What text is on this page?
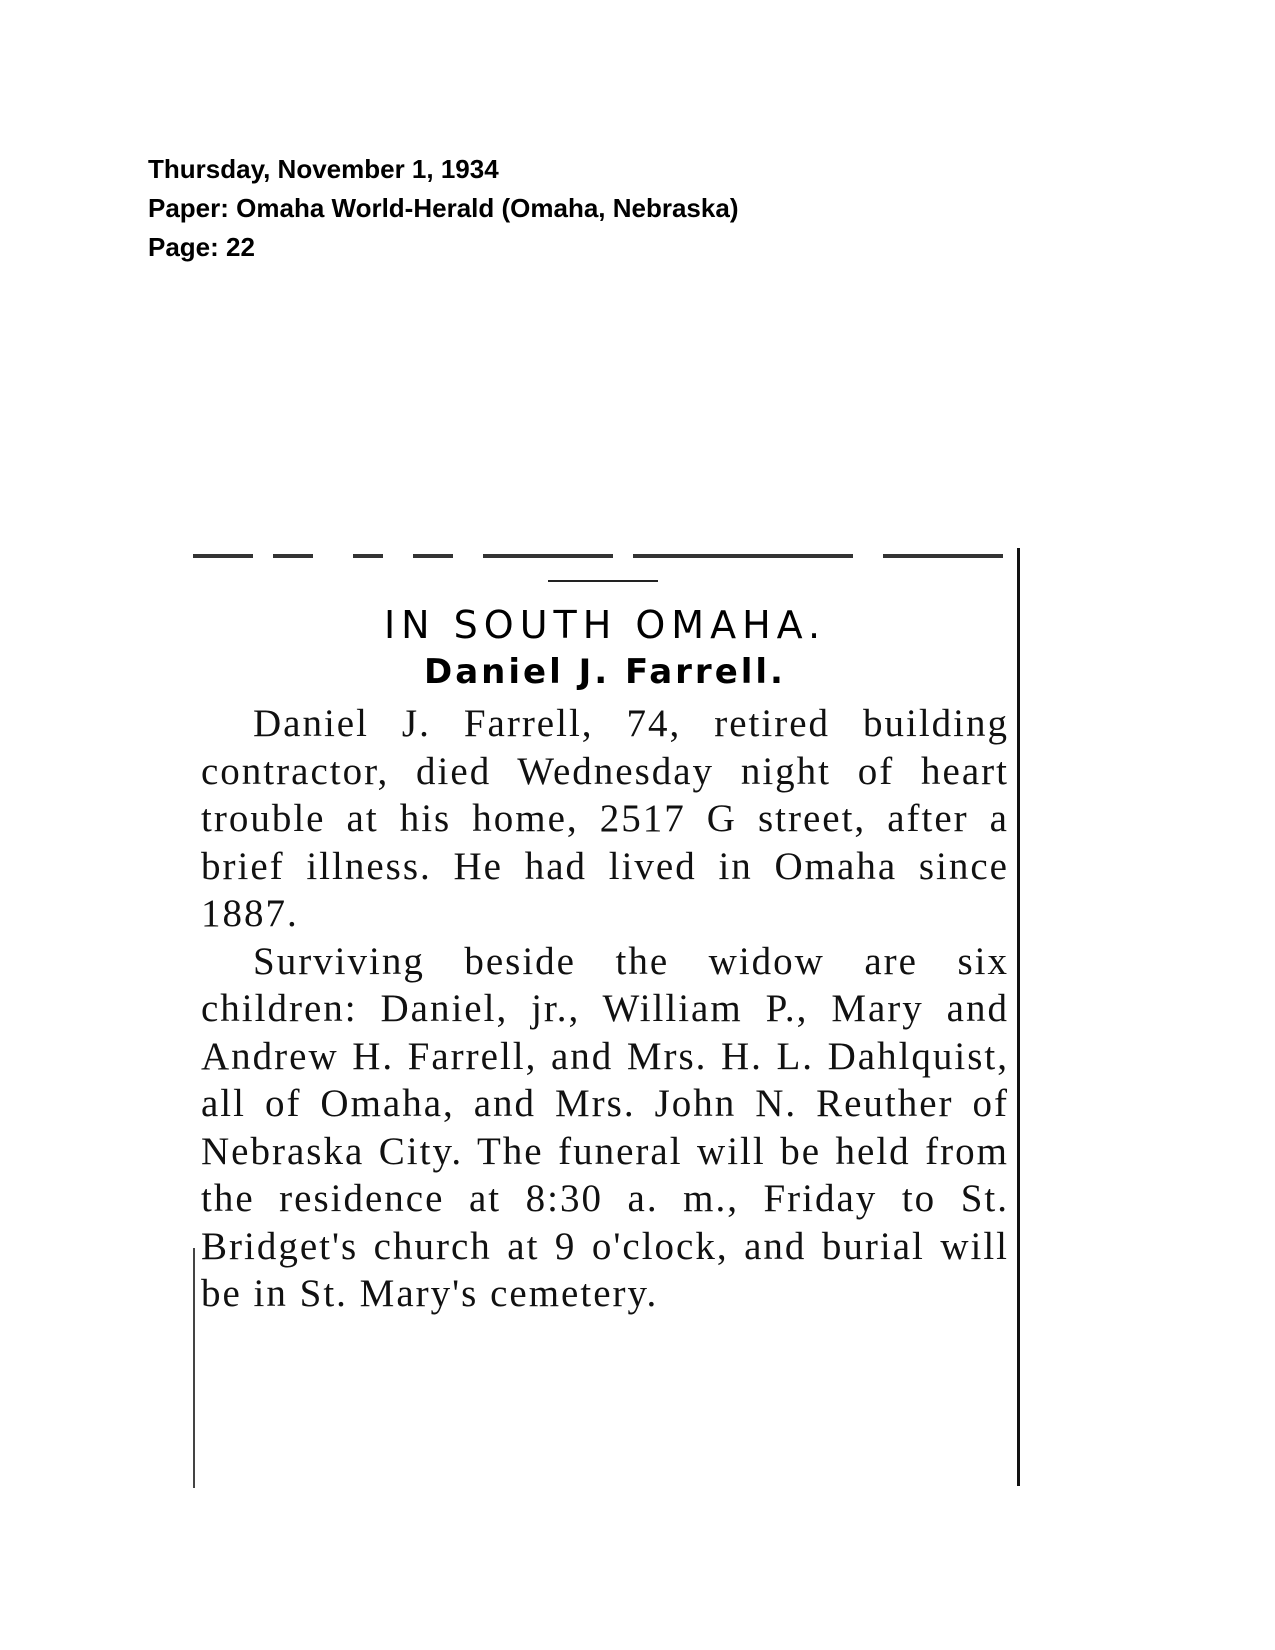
Thursday, November 1, 1934
Paper: Omaha World-Herald (Omaha, Nebraska)
Page: 22
IN SOUTH OMAHA.
Daniel J. Farrell.

Daniel J. Farrell, 74, retired building contractor, died Wednesday night of heart trouble at his home, 2517 G street, after a brief illness. He had lived in Omaha since 1887.

Surviving beside the widow are six children: Daniel, jr., William P., Mary and Andrew H. Farrell, and Mrs. H. L. Dahlquist, all of Omaha, and Mrs. John N. Reuther of Nebraska City. The funeral will be held from the residence at 8:30 a. m., Friday to St. Bridget's church at 9 o'clock, and burial will be in St. Mary's cemetery.
